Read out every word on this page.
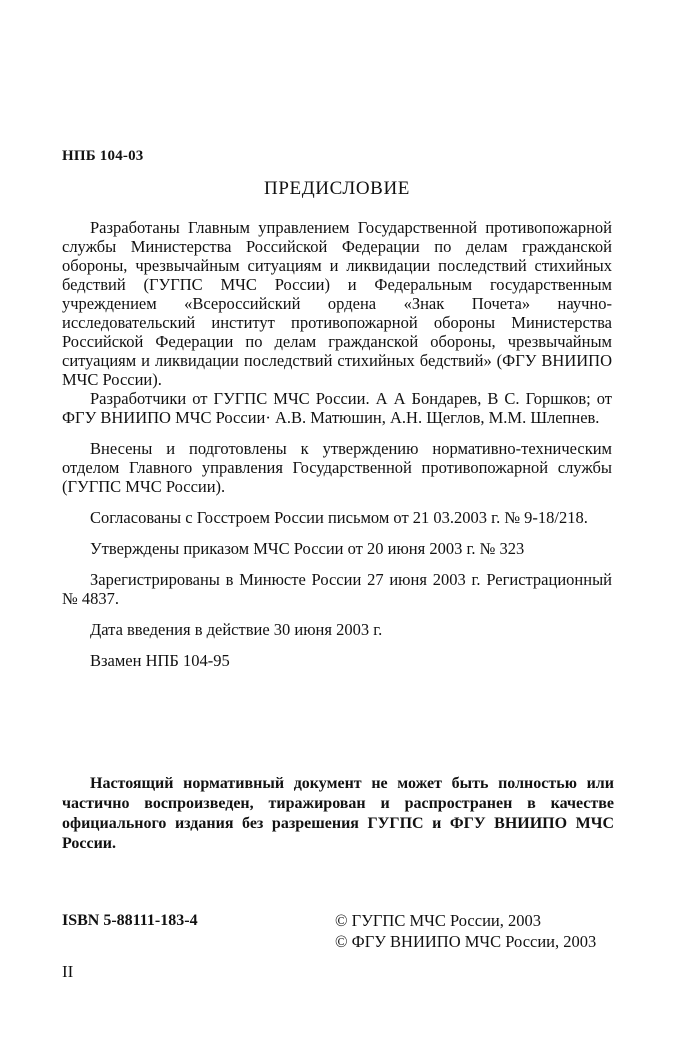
НПБ 104-03
ПРЕДИСЛОВИЕ

Разработаны Главным управлением Государственной противопожарной службы Министерства Российской Федерации по делам гражданской обороны, чрезвычайным ситуациям и ликвидации последствий стихийных бедствий (ГУГПС МЧС России) и Федеральным государственным учреждением «Всероссийский ордена «Знак Почета» научно-исследовательский институт противопожарной обороны Министерства Российской Федерации по делам гражданской обороны, чрезвычайным ситуациям и ликвидации последствий стихийных бедствий» (ФГУ ВНИИПО МЧС России).

Разработчики от ГУГПС МЧС России. А А Бондарев, В С. Горшков; от ФГУ ВНИИПО МЧС России· А.В. Матюшин, А.Н. Щеглов, М.М. Шлепнев.

Внесены и подготовлены к утверждению нормативно-техническим отделом Главного управления Государственной противопожарной службы (ГУГПС МЧС России).

Согласованы с Госстроем России письмом от 21 03.2003 г. № 9-18/218.

Утверждены приказом МЧС России от 20 июня 2003 г. № 323

Зарегистрированы в Минюсте России 27 июня 2003 г. Регистрационный № 4837.

Дата введения в действие 30 июня 2003 г.

Взамен НПБ 104-95

Настоящий нормативный документ не может быть полностью или частично воспроизведен, тиражирован и распространен в качестве официального издания без разрешения ГУГПС и ФГУ ВНИИПО МЧС России.
ISBN 5-88111-183-4	© ГУГПС МЧС России, 2003
© ФГУ ВНИИПО МЧС России, 2003
II
